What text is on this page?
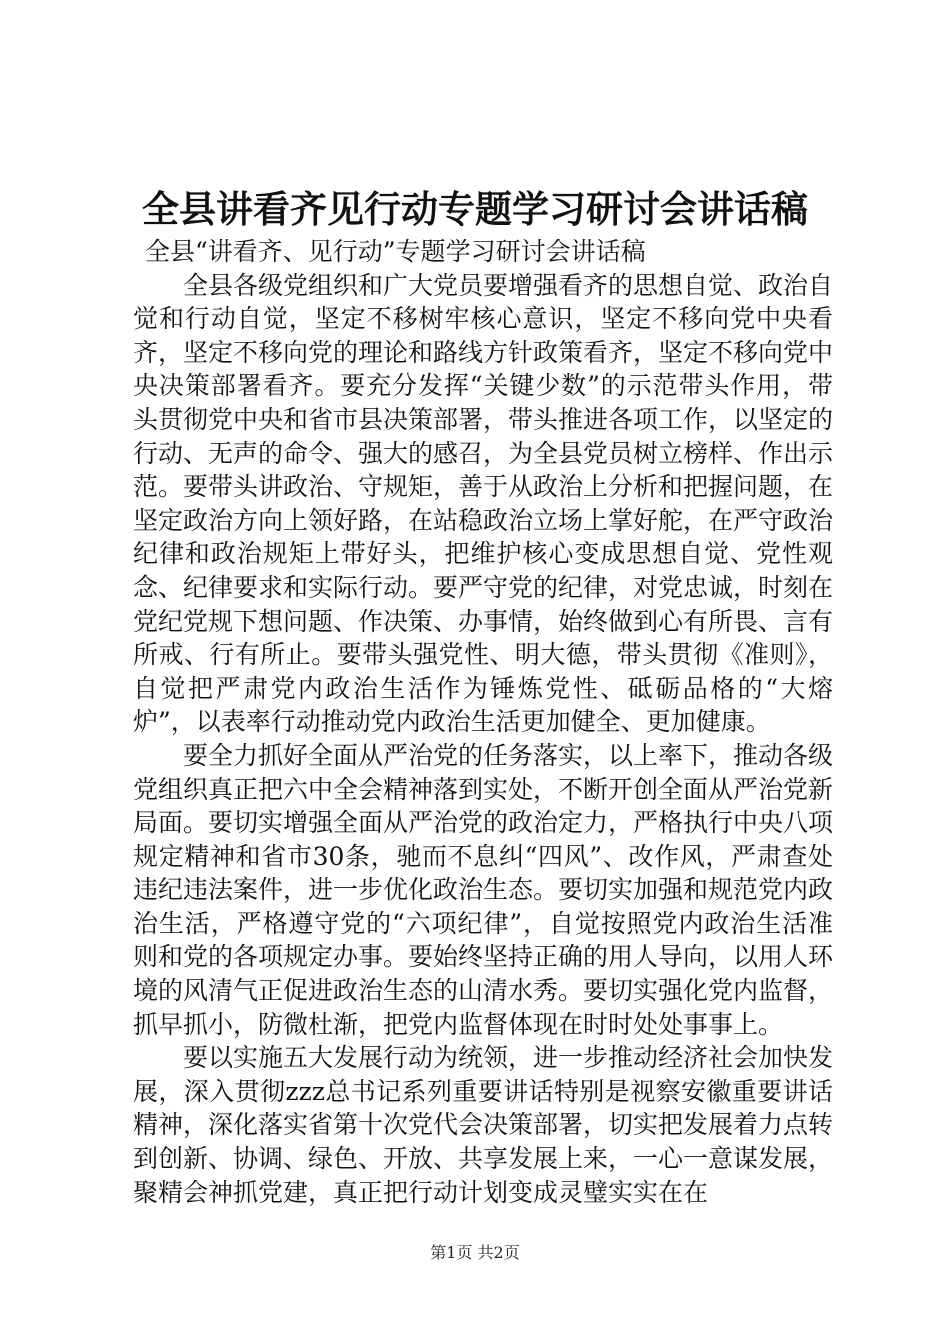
全县讲看齐见行动专题学习研讨会讲话稿

全县“讲看齐、见行动”专题学习研讨会讲话稿

全县各级党组织和广大党员要增强看齐的思想自觉、政治自觉和行动自觉，坚定不移树牢核心意识，坚定不移向党中央看齐，坚定不移向党的理论和路线方针政策看齐，坚定不移向党中央决策部署看齐。要充分发挥“关键少数”的示范带头作用，带头贯彻党中央和省市县决策部署，带头推进各项工作，以坚定的行动、无声的命令、强大的感召，为全县党员树立榜样、作出示范。要带头讲政治、守规矩，善于从政治上分析和把握问题，在坚定政治方向上领好路，在站稳政治立场上掌好舵，在严守政治纪律和政治规矩上带好头，把维护核心变成思想自觉、党性观念、纪律要求和实际行动。要严守党的纪律，对党忠诚，时刻在党纪党规下想问题、作决策、办事情，始终做到心有所畏、言有所戒、行有所止。要带头强党性、明大德，带头贯彻《准则》，自觉把严肃党内政治生活作为锤炼党性、砥砺品格的“大熔炉”，以表率行动推动党内政治生活更加健全、更加健康。

要全力抓好全面从严治党的任务落实，以上率下，推动各级党组织真正把六中全会精神落到实处，不断开创全面从严治党新局面。要切实增强全面从严治党的政治定力，严格执行中央八项规定精神和省市30条，驰而不息纠“四风”、改作风，严肃查处违纪违法案件，进一步优化政治生态。要切实加强和规范党内政治生活，严格遵守党的“六项纪律”，自觉按照党内政治生活准则和党的各项规定办事。要始终坚持正确的用人导向，以用人环境的风清气正促进政治生态的山清水秀。要切实强化党内监督，抓早抓小，防微杜渐，把党内监督体现在时时处处事事上。

要以实施五大发展行动为统领，进一步推动经济社会加快发展，深入贯彻zzz总书记系列重要讲话特别是视察安徽重要讲话精神，深化落实省第十次党代会决策部署，切实把发展着力点转到创新、协调、绿色、开放、共享发展上来，一心一意谋发展，聚精会神抓党建，真正把行动计划变成灵璧实实在在

第1页 共2页
